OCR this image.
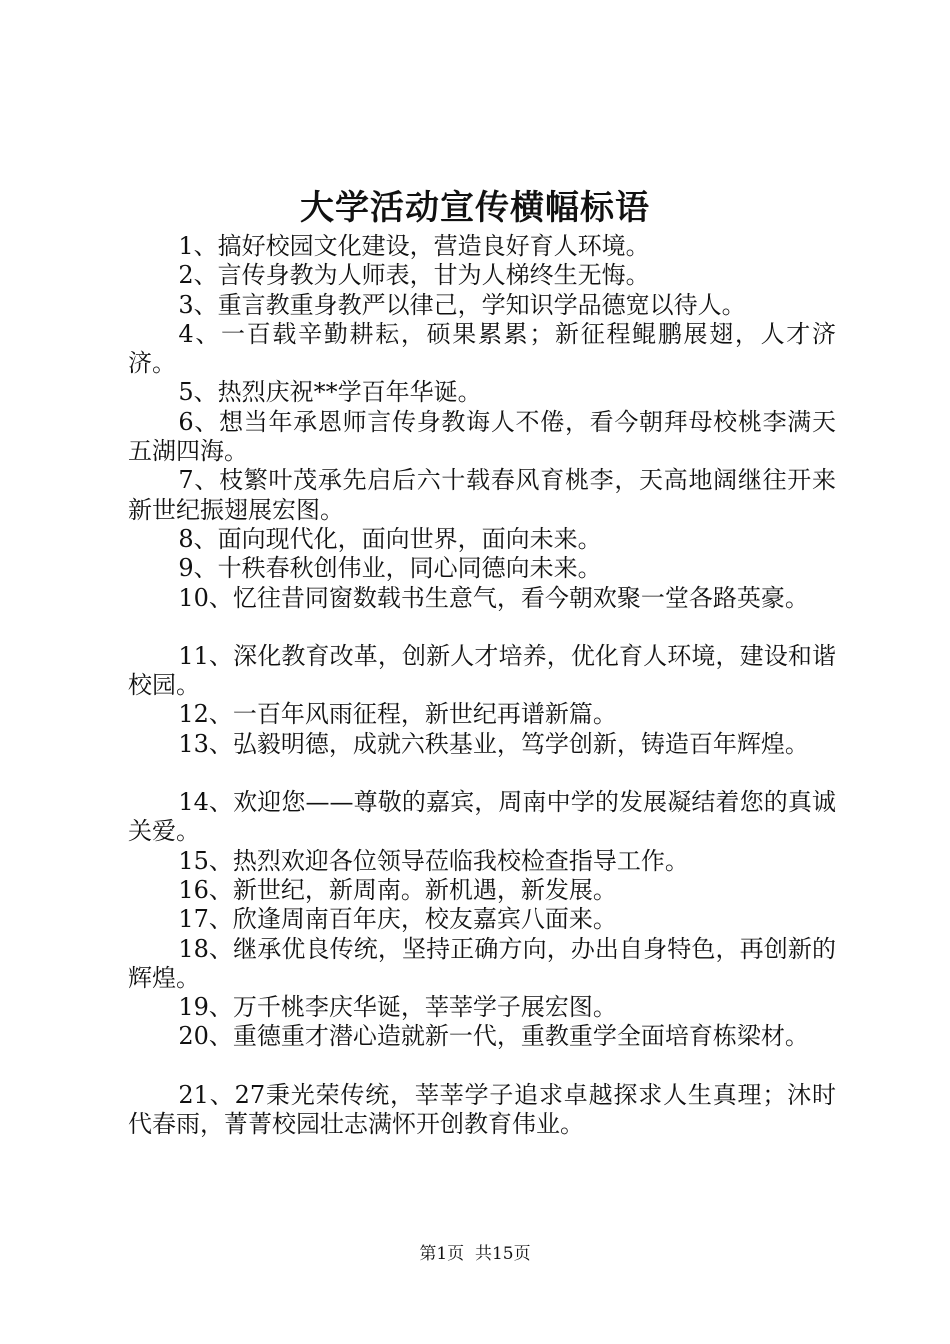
大学活动宣传横幅标语

1、搞好校园文化建设，营造良好育人环境。

2、言传身教为人师表，甘为人梯终生无悔。

3、重言教重身教严以律己，学知识学品德宽以待人。

4、一百载辛勤耕耘，硕果累累；新征程鲲鹏展翅，人才济济。

5、热烈庆祝**学百年华诞。

6、想当年承恩师言传身教诲人不倦，看今朝拜母校桃李满天五湖四海。

7、枝繁叶茂承先启后六十载春风育桃李，天高地阔继往开来新世纪振翅展宏图。

8、面向现代化，面向世界，面向未来。

9、十秩春秋创伟业，同心同德向未来。

10、忆往昔同窗数载书生意气，看今朝欢聚一堂各路英豪。

11、深化教育改革，创新人才培养，优化育人环境，建设和谐校园。

12、一百年风雨征程，新世纪再谱新篇。

13、弘毅明德，成就六秩基业，笃学创新，铸造百年辉煌。

14、欢迎您——尊敬的嘉宾，周南中学的发展凝结着您的真诚关爱。

15、热烈欢迎各位领导莅临我校检查指导工作。

16、新世纪，新周南。新机遇，新发展。

17、欣逢周南百年庆，校友嘉宾八面来。

18、继承优良传统，坚持正确方向，办出自身特色，再创新的辉煌。

19、万千桃李庆华诞，莘莘学子展宏图。

20、重德重才潜心造就新一代，重教重学全面培育栋梁材。

21、27秉光荣传统，莘莘学子追求卓越探求人生真理；沐时代春雨，菁菁校园壮志满怀开创教育伟业。

第1页  共15页
